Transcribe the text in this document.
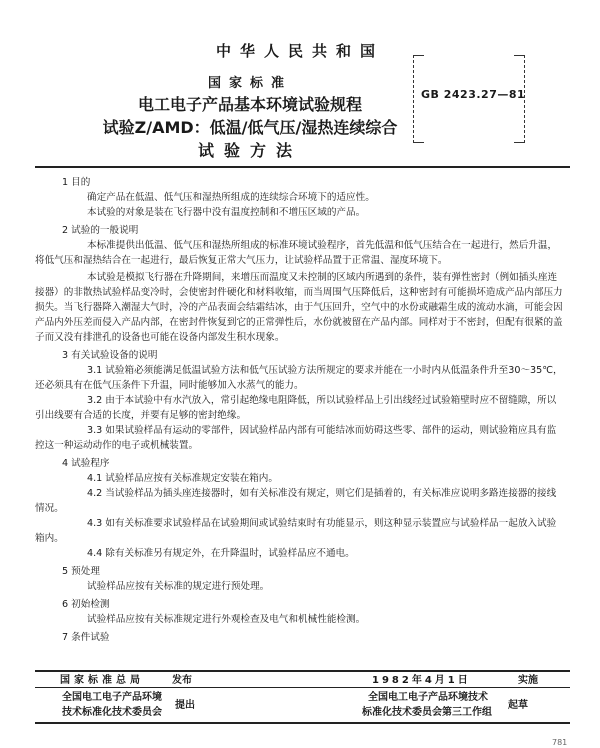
中华人民共和国
国家标准
电工电子产品基本环境试验规程
试验Z/AMD：低温/低气压/湿热连续综合
试验方法
GB 2423.27—81

1 目的

确定产品在低温、低气压和湿热所组成的连续综合环境下的适应性。

本试验的对象是装在飞行器中没有温度控制和不增压区域的产品。

2 试验的一般说明

本标准提供出低温、低气压和湿热所组成的标准环境试验程序，首先低温和低气压结合在一起进行，然后升温，将低气压和湿热结合在一起进行，最后恢复正常大气压力，让试验样品置于正常温、湿度环境下。

本试验是模拟飞行器在升降期间，来增压而温度又未控制的区域内所遇到的条件，装有弹性密封（例如插头座连接器）的非散热试验样品变冷时，会使密封件硬化和材料收缩，而当周围气压降低后，这种密封有可能损坏造成产品内部压力损失。当飞行器降入潮湿大气时，冷的产品表面会结霜结冰，由于气压回升，空气中的水份或融霜生成的流动水滴，可能会因产品内外压差而侵入产品内部，在密封件恢复到它的正常弹性后，水份就被留在产品内部。同样对于不密封，但配有很紧的盖子而又没有排泄孔的设备也可能在设备内部发生积水现象。

3 有关试验设备的说明

3.1 试验箱必须能满足低温试验方法和低气压试验方法所规定的要求并能在一小时内从低温条件升至30～35℃，还必须具有在低气压条件下升温，同时能够加入水蒸气的能力。

3.2 由于本试验中有水汽放入，常引起绝缘电阻降低，所以试验样品上引出线经过试验箱壁时应不留缝隙，所以引出线要有合适的长度，并要有足够的密封绝缘。

3.3 如果试验样品有运动的零部件，因试验样品内部有可能结冰而妨碍这些零、部件的运动，则试验箱应具有监控这一种运动动作的电子或机械装置。

4 试验程序

4.1 试验样品应按有关标准规定安装在箱内。

4.2 当试验样品为插头座连接器时，如有关标准没有规定，则它们是插着的，有关标准应说明多路连接器的接线情况。

4.3 如有关标准要求试验样品在试验期间或试验结束时有功能显示，则这种显示装置应与试验样品一起放入试验箱内。

4.4 除有关标准另有规定外，在升降温时，试验样品应不通电。

5 预处理

试验样品应按有关标准的规定进行预处理。

6 初始检测

试验样品应按有关标准规定进行外观检查及电气和机械性能检测。

7 条件试验

国家标准总局	发布
全国电工电子产品环境
技术标准化技术委员会
提出
1982年4月1日	实施
全国电工电子产品环境技术
标准化技术委员会第三工作组
起草
781
